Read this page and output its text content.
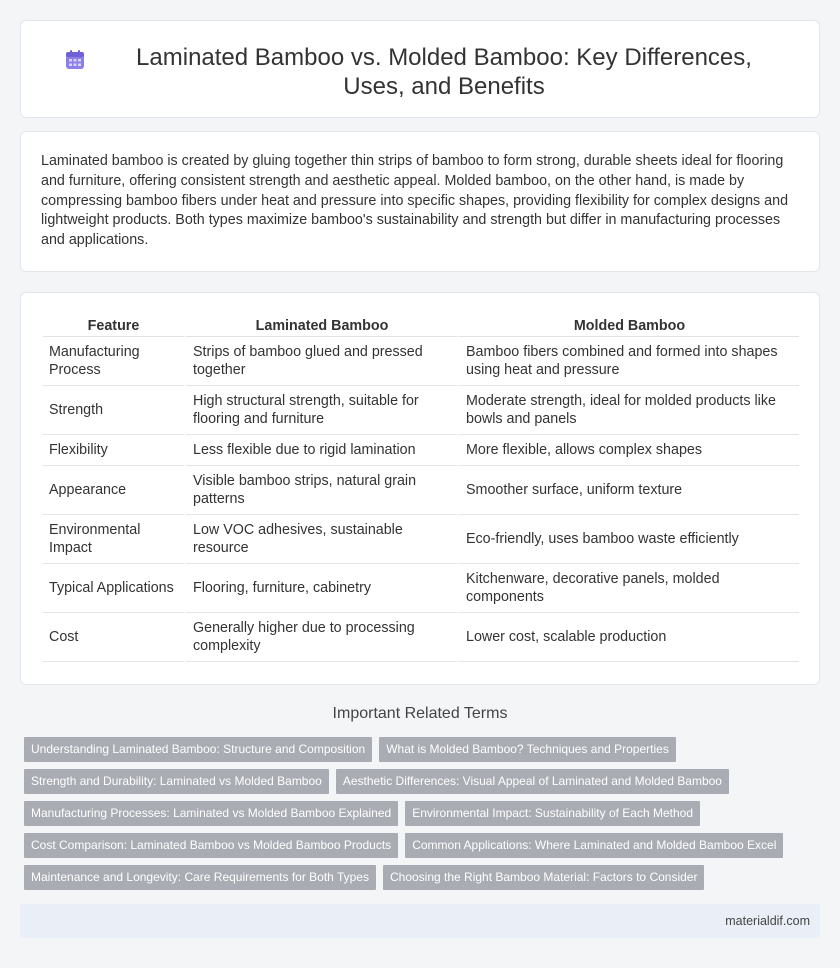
Laminated Bamboo vs. Molded Bamboo: Key Differences, Uses, and Benefits

Laminated bamboo is created by gluing together thin strips of bamboo to form strong, durable sheets ideal for flooring and furniture, offering consistent strength and aesthetic appeal. Molded bamboo, on the other hand, is made by compressing bamboo fibers under heat and pressure into specific shapes, providing flexibility for complex designs and lightweight products. Both types maximize bamboo's sustainability and strength but differ in manufacturing processes and applications.

Feature	Laminated Bamboo	Molded Bamboo
Manufacturing Process	Strips of bamboo glued and pressed together	Bamboo fibers combined and formed into shapes using heat and pressure
Strength	High structural strength, suitable for flooring and furniture	Moderate strength, ideal for molded products like bowls and panels
Flexibility	Less flexible due to rigid lamination	More flexible, allows complex shapes
Appearance	Visible bamboo strips, natural grain patterns	Smoother surface, uniform texture
Environmental Impact	Low VOC adhesives, sustainable resource	Eco-friendly, uses bamboo waste efficiently
Typical Applications	Flooring, furniture, cabinetry	Kitchenware, decorative panels, molded components
Cost	Generally higher due to processing complexity	Lower cost, scalable production
Important Related Terms
Understanding Laminated Bamboo: Structure and Composition	What is Molded Bamboo? Techniques and Properties
Strength and Durability: Laminated vs Molded Bamboo	Aesthetic Differences: Visual Appeal of Laminated and Molded Bamboo
Manufacturing Processes: Laminated vs Molded Bamboo Explained	Environmental Impact: Sustainability of Each Method
Cost Comparison: Laminated Bamboo vs Molded Bamboo Products	Common Applications: Where Laminated and Molded Bamboo Excel
Maintenance and Longevity: Care Requirements for Both Types	Choosing the Right Bamboo Material: Factors to Consider
materialdif.com
